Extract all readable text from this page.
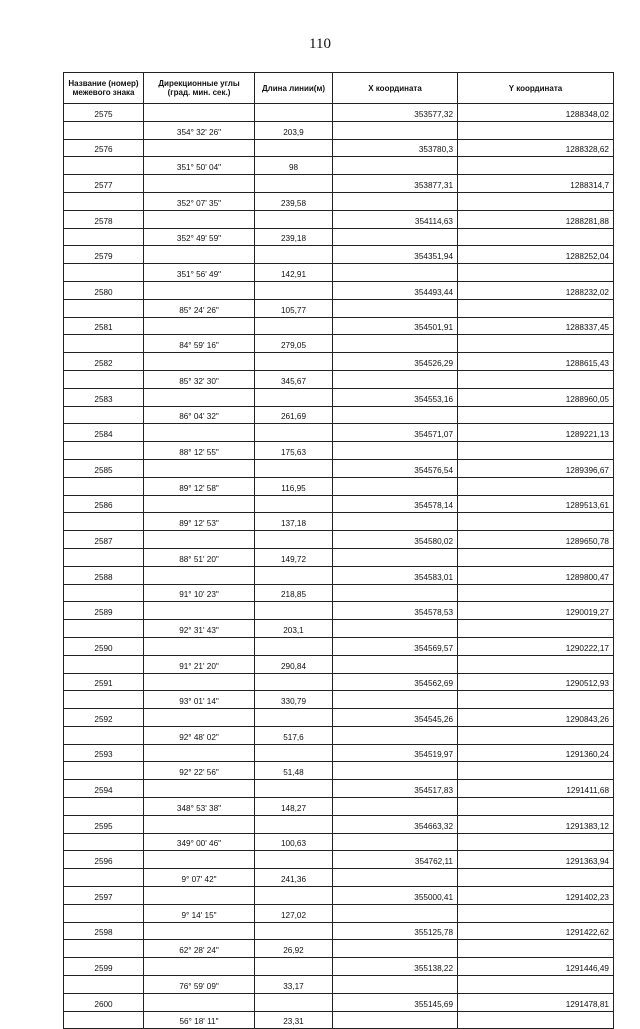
110
Название (номер) межевого знака	Дирекционные углы (град. мин. сек.)	Длина линии(м)	X координата	Y координата
2575			353577,32	1288348,02
	354° 32' 26"	203,9		
2576			353780,3	1288328,62
	351° 50' 04"	98		
2577			353877,31	1288314,7
	352° 07' 35"	239,58		
2578			354114,63	1288281,88
	352° 49' 59"	239,18		
2579			354351,94	1288252,04
	351° 56' 49"	142,91		
2580			354493,44	1288232,02
	85° 24' 26"	105,77		
2581			354501,91	1288337,45
	84° 59' 16"	279,05		
2582			354526,29	1288615,43
	85° 32' 30"	345,67		
2583			354553,16	1288960,05
	86° 04' 32"	261,69		
2584			354571,07	1289221,13
	88° 12' 55"	175,63		
2585			354576,54	1289396,67
	89° 12' 58"	116,95		
2586			354578,14	1289513,61
	89° 12' 53"	137,18		
2587			354580,02	1289650,78
	88° 51' 20"	149,72		
2588			354583,01	1289800,47
	91° 10' 23"	218,85		
2589			354578,53	1290019,27
	92° 31' 43"	203,1		
2590			354569,57	1290222,17
	91° 21' 20"	290,84		
2591			354562,69	1290512,93
	93° 01' 14"	330,79		
2592			354545,26	1290843,26
	92° 48' 02"	517,6		
2593			354519,97	1291360,24
	92° 22' 56"	51,48		
2594			354517,83	1291411,68
	348° 53' 38"	148,27		
2595			354663,32	1291383,12
	349° 00' 46"	100,63		
2596			354762,11	1291363,94
	9° 07' 42"	241,36		
2597			355000,41	1291402,23
	9° 14' 15"	127,02		
2598			355125,78	1291422,62
	62° 28' 24"	26,92		
2599			355138,22	1291446,49
	76° 59' 09"	33,17		
2600			355145,69	1291478,81
	56° 18' 11"	23,31		
